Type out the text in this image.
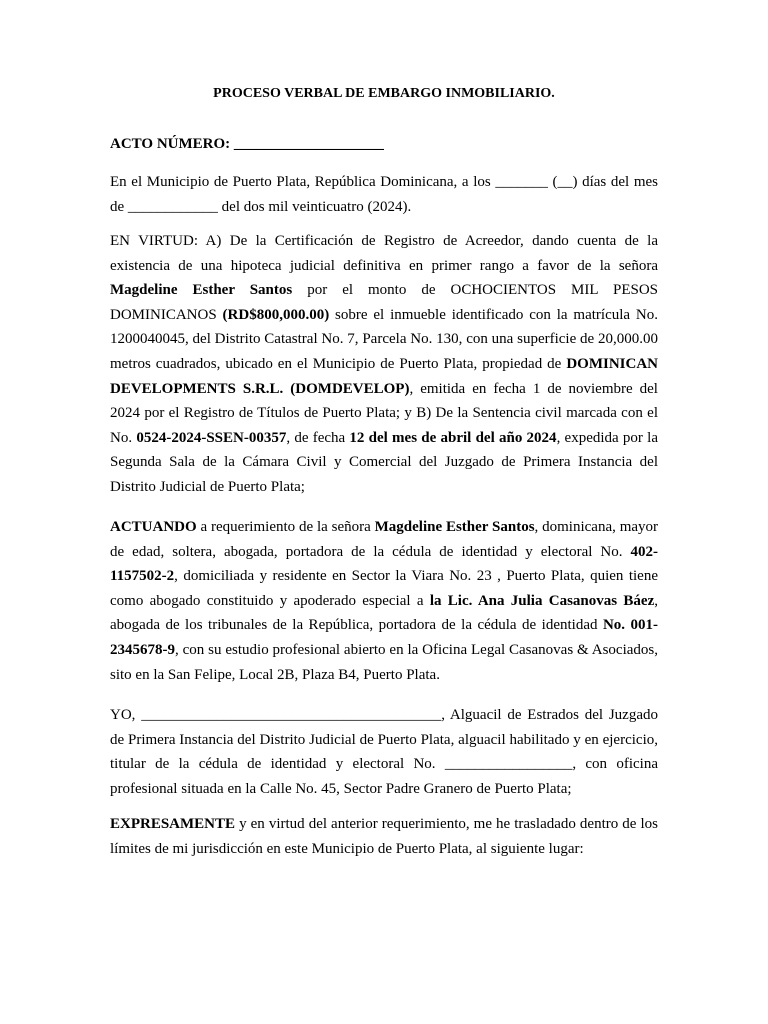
PROCESO VERBAL DE EMBARGO INMOBILIARIO.
ACTO NÚMERO: ____________________
En el Municipio de Puerto Plata, República Dominicana, a los _______ (__) días del mes de ____________ del dos mil veinticuatro (2024).
EN VIRTUD: A) De la Certificación de Registro de Acreedor, dando cuenta de la existencia de una hipoteca judicial definitiva en primer rango a favor de la señora Magdeline Esther Santos por el monto de OCHOCIENTOS MIL PESOS DOMINICANOS (RD$800,000.00) sobre el inmueble identificado con la matrícula No. 1200040045, del Distrito Catastral No. 7, Parcela No. 130, con una superficie de 20,000.00 metros cuadrados, ubicado en el Municipio de Puerto Plata, propiedad de DOMINICAN DEVELOPMENTS S.R.L. (DOMDEVELOP), emitida en fecha 1 de noviembre del 2024 por el Registro de Títulos de Puerto Plata; y B) De la Sentencia civil marcada con el No. 0524-2024-SSEN-00357, de fecha 12 del mes de abril del año 2024, expedida por la Segunda Sala de la Cámara Civil y Comercial del Juzgado de Primera Instancia del Distrito Judicial de Puerto Plata;
ACTUANDO a requerimiento de la señora Magdeline Esther Santos, dominicana, mayor de edad, soltera, abogada, portadora de la cédula de identidad y electoral No. 402-1157502-2, domiciliada y residente en Sector la Viara No. 23 , Puerto Plata, quien tiene como abogado constituido y apoderado especial a la Lic. Ana Julia Casanovas Báez, abogada de los tribunales de la República, portadora de la cédula de identidad No. 001-2345678-9, con su estudio profesional abierto en la Oficina Legal Casanovas & Asociados, sito en la San Felipe, Local 2B, Plaza B4, Puerto Plata.
YO, ________________________________________, Alguacil de Estrados del Juzgado de Primera Instancia del Distrito Judicial de Puerto Plata, alguacil habilitado y en ejercicio, titular de la cédula de identidad y electoral No. _________________, con oficina profesional situada en la Calle No. 45, Sector Padre Granero de Puerto Plata;
EXPRESAMENTE y en virtud del anterior requerimiento, me he trasladado dentro de los límites de mi jurisdicción en este Municipio de Puerto Plata, al siguiente lugar:
